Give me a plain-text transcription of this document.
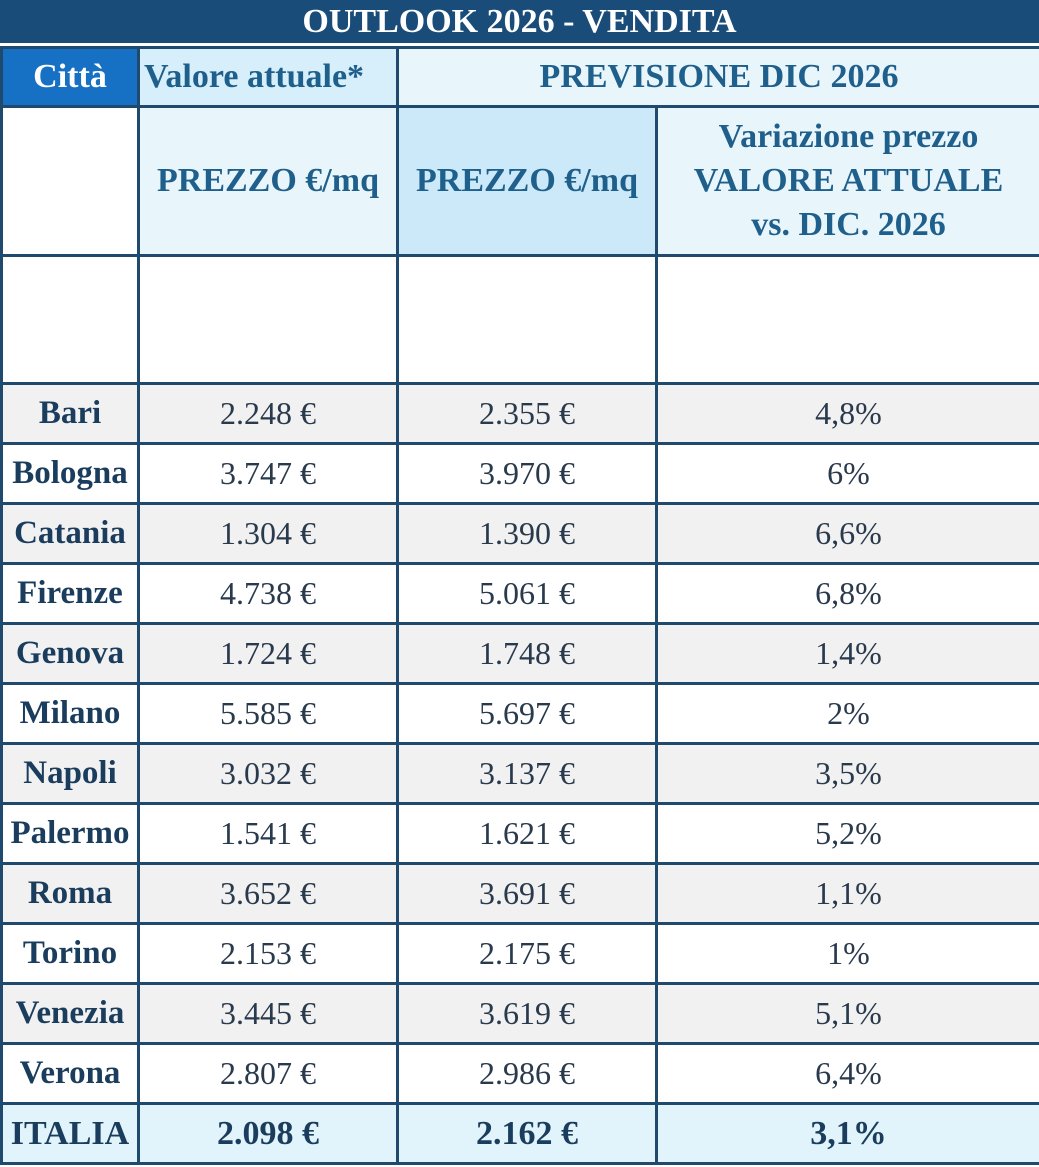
OUTLOOK 2026 - VENDITA
Città	Valore attuale*	PREVISIONE DIC 2026	
	PREZZO €/mq	PREZZO €/mq	Variazione prezzo
VALORE ATTUALE
vs. DIC. 2026

Bari	2.248 €	2.355 €	4,8%
Bologna	3.747 €	3.970 €	6%
Catania	1.304 €	1.390 €	6,6%
Firenze	4.738 €	5.061 €	6,8%
Genova	1.724 €	1.748 €	1,4%
Milano	5.585 €	5.697 €	2%
Napoli	3.032 €	3.137 €	3,5%
Palermo	1.541 €	1.621 €	5,2%
Roma	3.652 €	3.691 €	1,1%
Torino	2.153 €	2.175 €	1%
Venezia	3.445 €	3.619 €	5,1%
Verona	2.807 €	2.986 €	6,4%
ITALIA	2.098 €	2.162 €	3,1%
